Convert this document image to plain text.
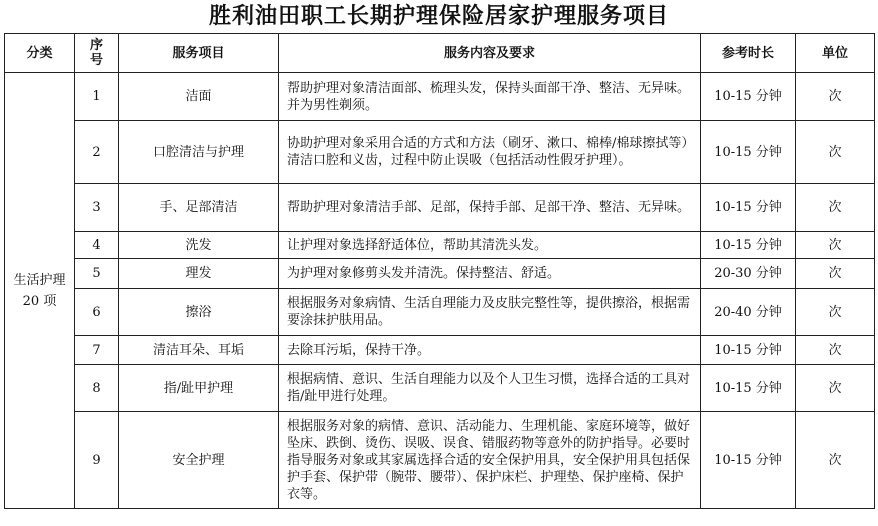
胜利油田职工长期护理保险居家护理服务项目
分类	序号	服务项目	服务内容及要求	参考时长	单位
生活护理 20 项	1	洁面	帮助护理对象清洁面部、梳理头发，保持头面部干净、整洁、无异味。并为男性剃须。	10-15 分钟	次
	2	口腔清洁与护理	协助护理对象采用合适的方式和方法（刷牙、漱口、棉棒/棉球擦拭等）清洁口腔和义齿，过程中防止误吸（包括活动性假牙护理）。	10-15 分钟	次
	3	手、足部清洁	帮助护理对象清洁手部、足部，保持手部、足部干净、整洁、无异味。	10-15 分钟	次
	4	洗发	让护理对象选择舒适体位，帮助其清洗头发。	10-15 分钟	次
	5	理发	为护理对象修剪头发并清洗。保持整洁、舒适。	20-30 分钟	次
	6	擦浴	根据服务对象病情、生活自理能力及皮肤完整性等，提供擦浴，根据需要涂抹护肤用品。	20-40 分钟	次
	7	清洁耳朵、耳垢	去除耳污垢，保持干净。	10-15 分钟	次
	8	指/趾甲护理	根据病情、意识、生活自理能力以及个人卫生习惯，选择合适的工具对指/趾甲进行处理。	10-15 分钟	次
	9	安全护理	根据服务对象的病情、意识、活动能力、生理机能、家庭环境等，做好坠床、跌倒、烫伤、误吸、误食、错服药物等意外的防护指导。必要时指导服务对象或其家属选择合适的安全保护用具，安全保护用具包括保护手套、保护带（腕带、腰带）、保护床栏、护理垫、保护座椅、保护衣等。	10-15 分钟	次
